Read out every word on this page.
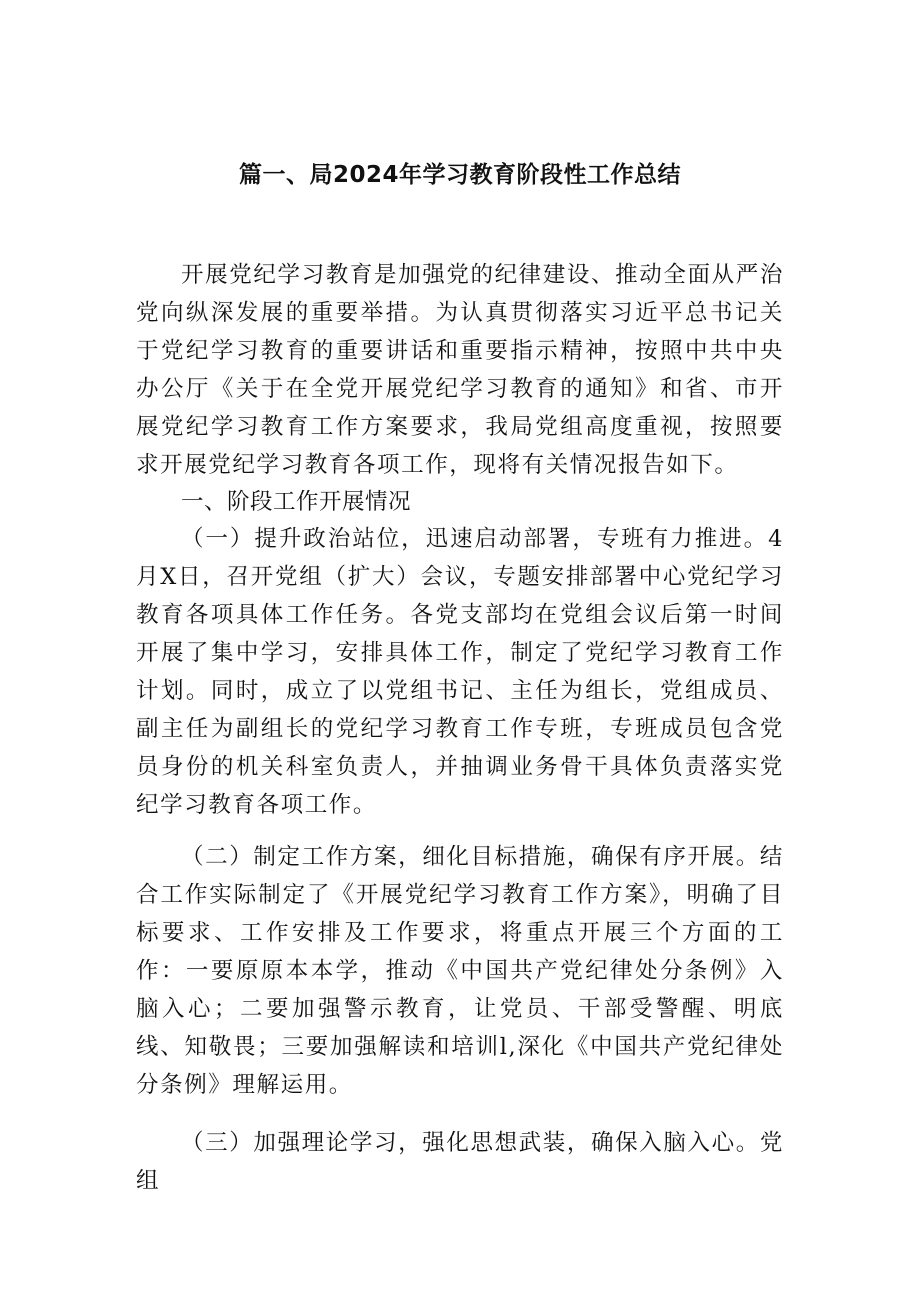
篇一、局2024年学习教育阶段性工作总结

开展党纪学习教育是加强党的纪律建设、推动全面从严治党向纵深发展的重要举措。为认真贯彻落实习近平总书记关于党纪学习教育的重要讲话和重要指示精神，按照中共中央办公厅《关于在全党开展党纪学习教育的通知》和省、市开展党纪学习教育工作方案要求，我局党组高度重视，按照要求开展党纪学习教育各项工作，现将有关情况报告如下。

一、阶段工作开展情况

（一）提升政治站位，迅速启动部署，专班有力推进。4月X日，召开党组（扩大）会议，专题安排部署中心党纪学习教育各项具体工作任务。各党支部均在党组会议后第一时间开展了集中学习，安排具体工作，制定了党纪学习教育工作计划。同时，成立了以党组书记、主任为组长，党组成员、副主任为副组长的党纪学习教育工作专班，专班成员包含党员身份的机关科室负责人，并抽调业务骨干具体负责落实党纪学习教育各项工作。

（二）制定工作方案，细化目标措施，确保有序开展。结合工作实际制定了《开展党纪学习教育工作方案》，明确了目标要求、工作安排及工作要求，将重点开展三个方面的工作：一要原原本本学，推动《中国共产党纪律处分条例》入脑入心；二要加强警示教育，让党员、干部受警醒、明底线、知敬畏；三要加强解读和培训l,深化《中国共产党纪律处分条例》理解运用。

（三）加强理论学习，强化思想武装，确保入脑入心。党组
